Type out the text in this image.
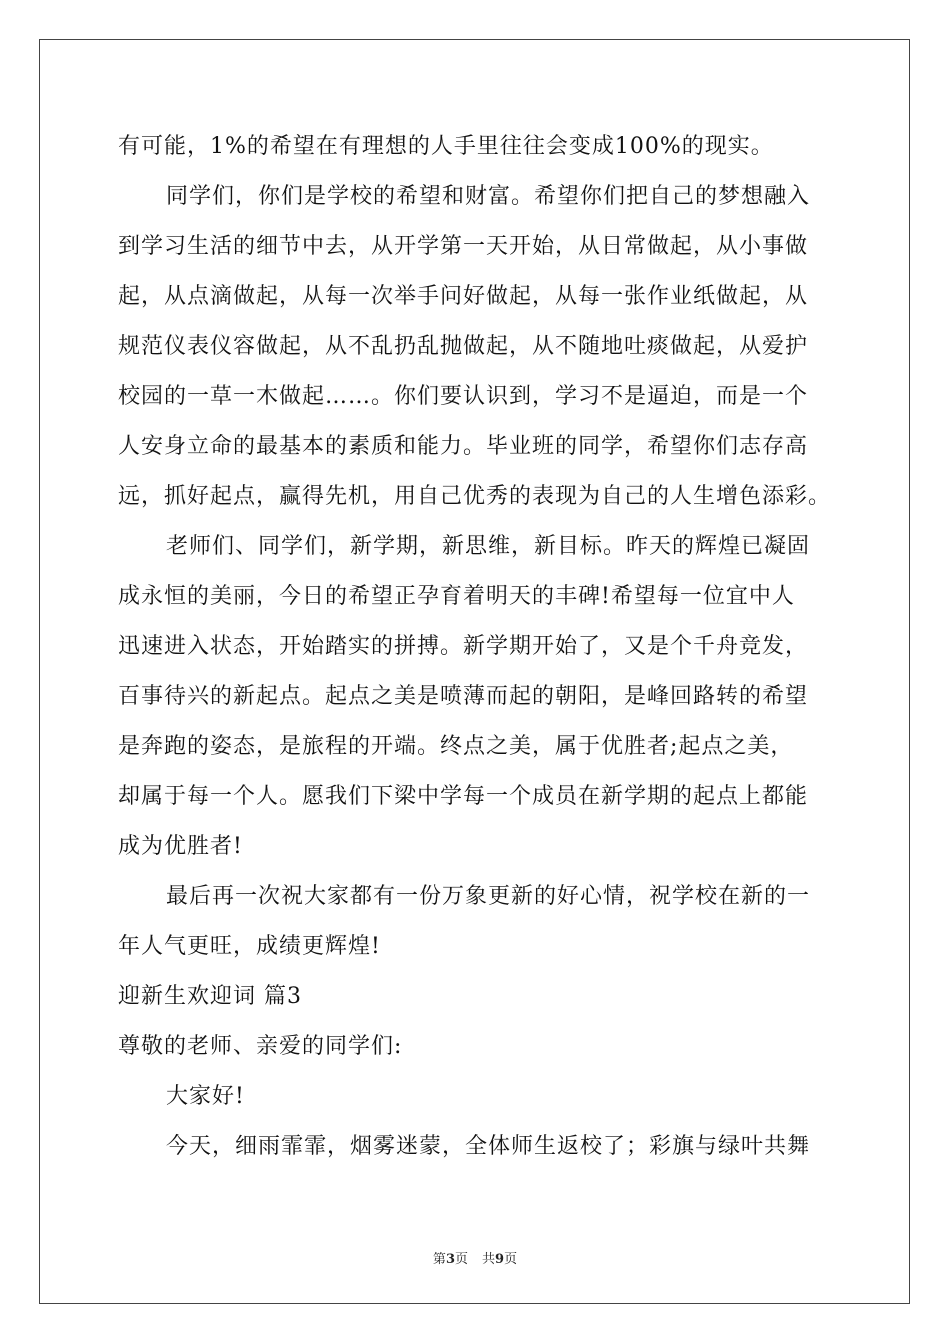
有可能，1%的希望在有理想的人手里往往会变成100%的现实。
同学们，你们是学校的希望和财富。希望你们把自己的梦想融入
到学习生活的细节中去，从开学第一天开始，从日常做起，从小事做
起，从点滴做起，从每一次举手问好做起，从每一张作业纸做起，从
规范仪表仪容做起，从不乱扔乱抛做起，从不随地吐痰做起，从爱护
校园的一草一木做起……。你们要认识到，学习不是逼迫，而是一个
人安身立命的最基本的素质和能力。毕业班的同学，希望你们志存高
远，抓好起点，赢得先机，用自己优秀的表现为自己的人生增色添彩。
老师们、同学们，新学期，新思维，新目标。昨天的辉煌已凝固
成永恒的美丽，今日的希望正孕育着明天的丰碑!希望每一位宜中人
迅速进入状态，开始踏实的拼搏。新学期开始了，又是个千舟竞发，
百事待兴的新起点。起点之美是喷薄而起的朝阳，是峰回路转的希望
是奔跑的姿态，是旅程的开端。终点之美，属于优胜者;起点之美，
却属于每一个人。愿我们下梁中学每一个成员在新学期的起点上都能
成为优胜者!
最后再一次祝大家都有一份万象更新的好心情，祝学校在新的一
年人气更旺，成绩更辉煌!
迎新生欢迎词 篇3
尊敬的老师、亲爱的同学们:
大家好!
今天，细雨霏霏，烟雾迷蒙，全体师生返校了；彩旗与绿叶共舞
第3页 共9页
